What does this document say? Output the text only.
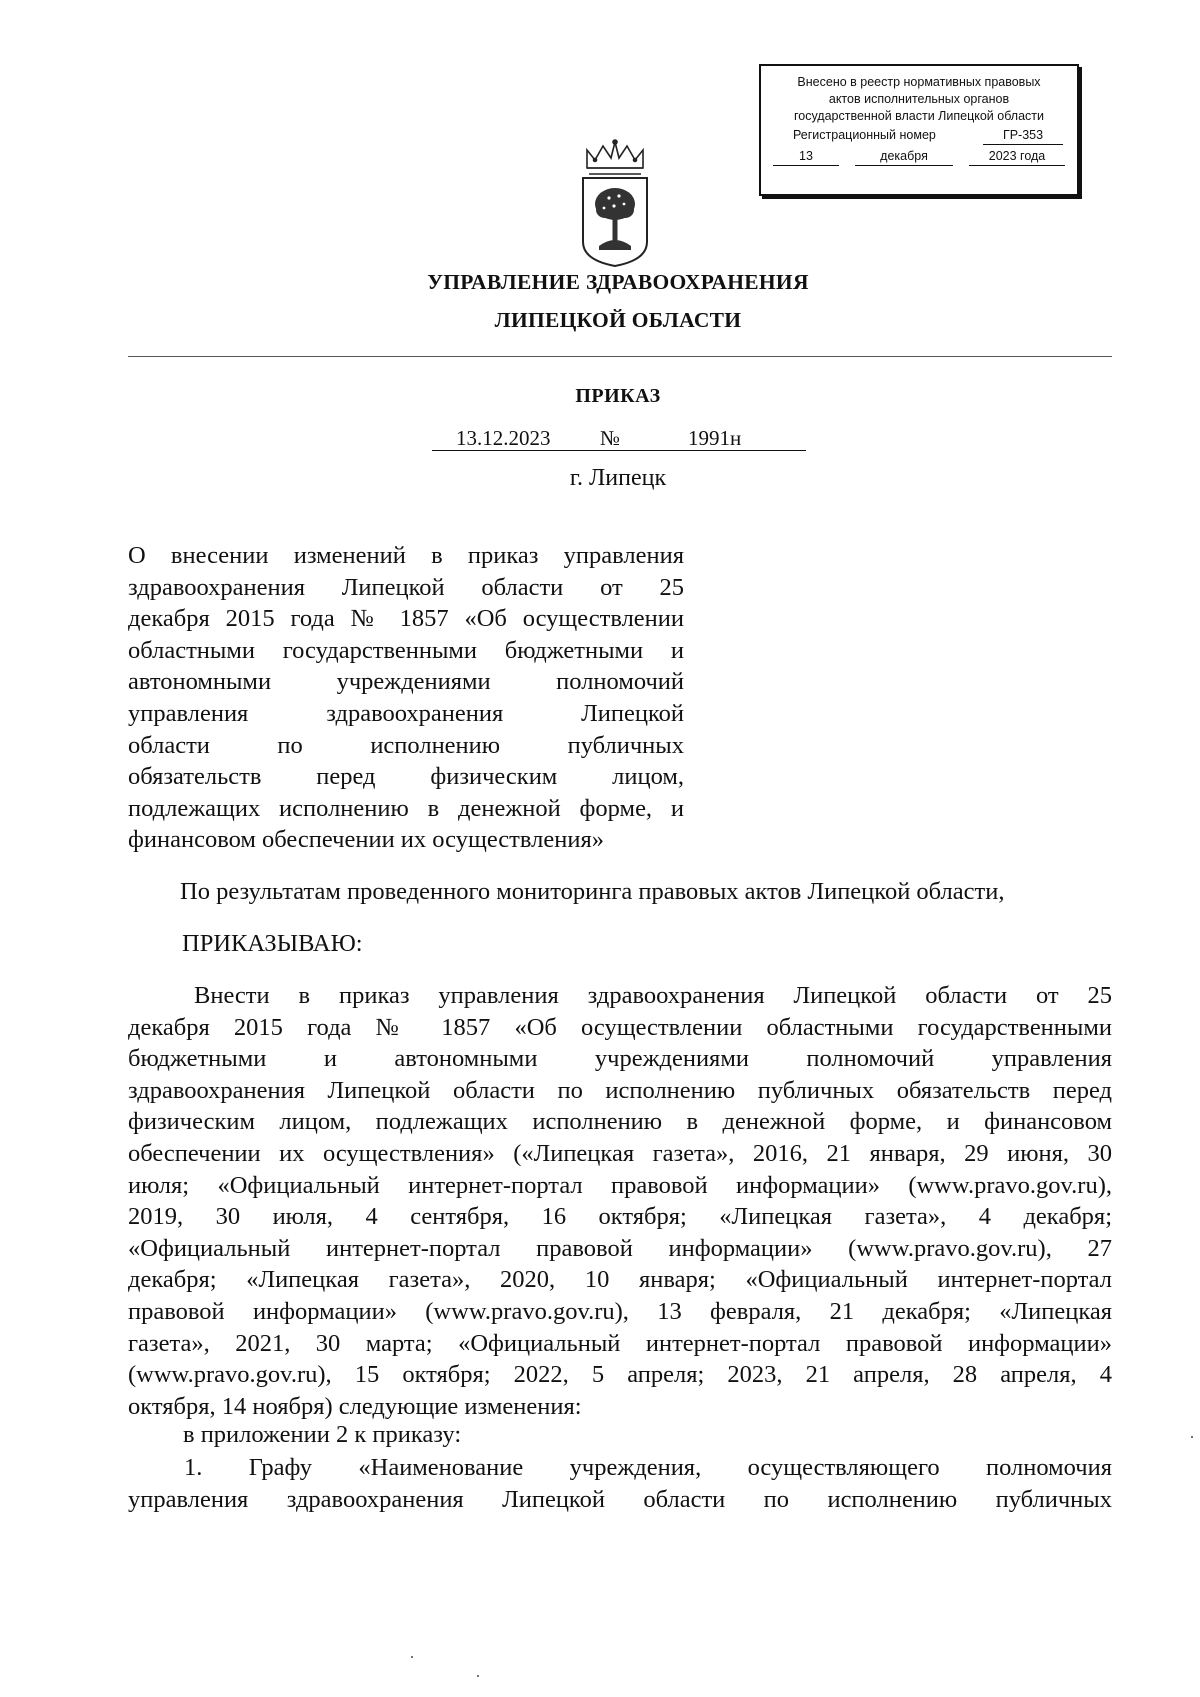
Внесено в реестр нормативных правовых
актов исполнительных органов
государственной власти Липецкой области
Регистрационный номер	ГР-353
13	декабря	2023 года
УПРАВЛЕНИЕ ЗДРАВООХРАНЕНИЯ
ЛИПЕЦКОЙ ОБЛАСТИ
ПРИКАЗ
13.12.2023 №	1991н
г. Липецк
О внесении изменений в приказ управления
здравоохранения Липецкой области от 25
декабря 2015 года № 1857 «Об осуществлении
областными государственными бюджетными и
автономными учреждениями полномочий
управления здравоохранения Липецкой
области по исполнению публичных
обязательств перед физическим лицом,
подлежащих исполнению в денежной форме, и
финансовом обеспечении их осуществления»
По результатам проведенного мониторинга правовых актов Липецкой области,
ПРИКАЗЫВАЮ:
Внести в приказ управления здравоохранения Липецкой области от 25
декабря 2015 года № 1857 «Об осуществлении областными государственными
бюджетными и автономными учреждениями полномочий управления
здравоохранения Липецкой области по исполнению публичных обязательств перед
физическим лицом, подлежащих исполнению в денежной форме, и финансовом
обеспечении их осуществления» («Липецкая газета», 2016, 21 января, 29 июня, 30
июля; «Официальный интернет-портал правовой информации» (www.pravo.gov.ru),
2019, 30 июля, 4 сентября, 16 октября; «Липецкая газета», 4 декабря;
«Официальный интернет-портал правовой информации» (www.pravo.gov.ru), 27
декабря; «Липецкая газета», 2020, 10 января; «Официальный интернет-портал
правовой информации» (www.pravo.gov.ru), 13 февраля, 21 декабря; «Липецкая
газета», 2021, 30 марта; «Официальный интернет-портал правовой информации»
(www.pravo.gov.ru), 15 октября; 2022, 5 апреля; 2023, 21 апреля, 28 апреля, 4
октября, 14 ноября) следующие изменения:
в приложении 2 к приказу:
1. Графу «Наименование учреждения, осуществляющего полномочия
управления здравоохранения Липецкой области по исполнению публичных
